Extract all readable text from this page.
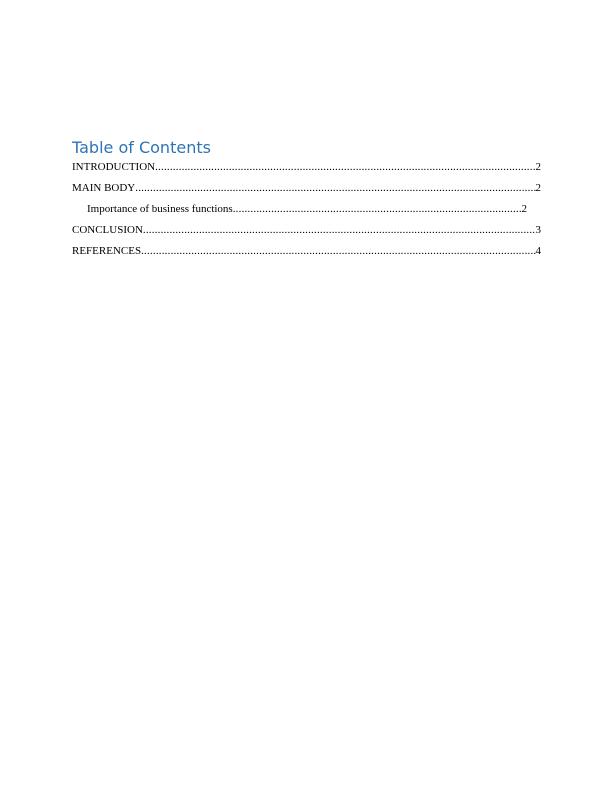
Table of Contents
INTRODUCTION .....	2
MAIN BODY .....	2
Importance of business functions .....	2
CONCLUSION .....	3
REFERENCES .....	4
